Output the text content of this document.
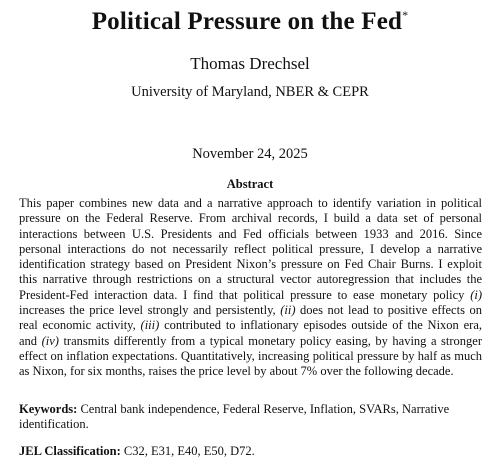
Political Pressure on the Fed*
Thomas Drechsel
University of Maryland, NBER & CEPR
November 24, 2025
Abstract
This paper combines new data and a narrative approach to identify variation in political pressure on the Federal Reserve. From archival records, I build a data set of personal interactions between U.S. Presidents and Fed officials between 1933 and 2016. Since personal interactions do not necessarily reflect political pressure, I develop a narrative identification strategy based on President Nixon’s pressure on Fed Chair Burns. I exploit this narrative through restrictions on a structural vector autoregression that includes the President-Fed interaction data. I find that political pressure to ease monetary policy (i) increases the price level strongly and persistently, (ii) does not lead to positive effects on real economic activity, (iii) contributed to inflationary episodes outside of the Nixon era, and (iv) transmits differently from a typical monetary policy easing, by having a stronger effect on inflation expectations. Quantitatively, increasing political pressure by half as much as Nixon, for six months, raises the price level by about 7% over the following decade.
Keywords: Central bank independence, Federal Reserve, Inflation, SVARs, Narrative identification.
JEL Classification: C32, E31, E40, E50, D72.
